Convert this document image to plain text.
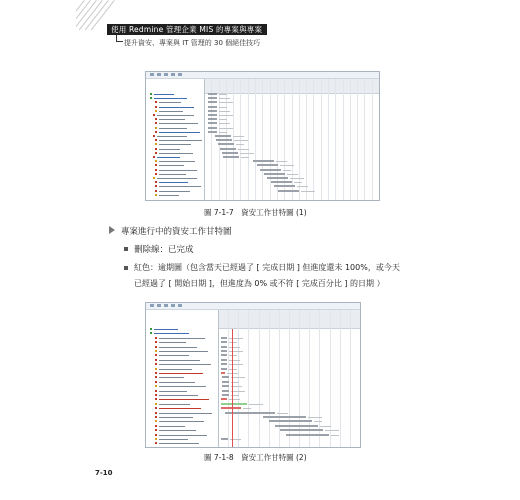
使用 Redmine 管理企業 MIS 的專案與專案
提升資安、專案與 IT 管理的 30 個絕佳技巧
圖 7-1-7　資安工作甘特圖 (1)
專案進行中的資安工作甘特圖
刪除線：已完成
紅色：逾期圖（包含當天已經過了 [ 完成日期 ] 但進度還未 100%，或今天
已經過了 [ 開始日期 ]，但進度為 0% 或不符 [ 完成百分比 ] 的日期 ）
圖 7-1-8　資安工作甘特圖 (2)
7-10
